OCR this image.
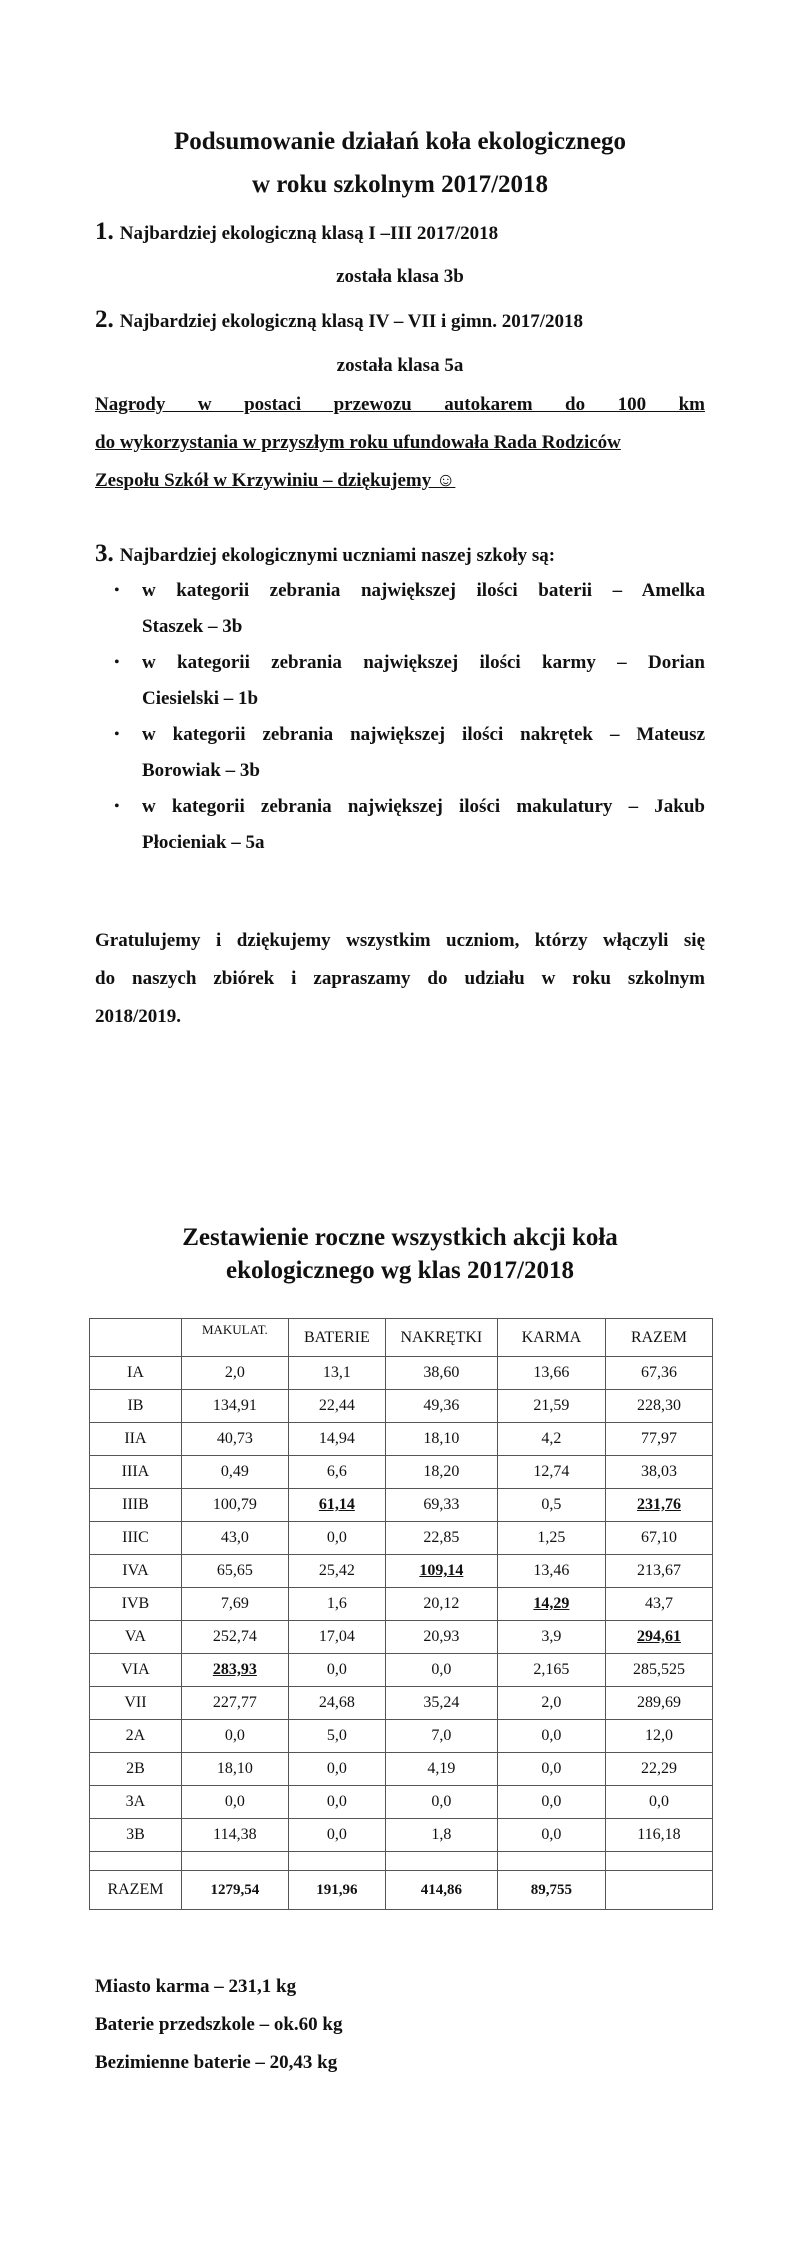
Podsumowanie działań koła ekologicznego
w roku szkolnym 2017/2018
1. Najbardziej ekologiczną klasą I –III 2017/2018
została klasa 3b
2. Najbardziej ekologiczną klasą IV – VII i gimn. 2017/2018
została klasa 5a
Nagrody w postaci przewozu autokarem do 100 km
do wykorzystania w przyszłym roku ufundowała Rada Rodziców
Zespołu Szkół w Krzywiniu – dziękujemy ☺
3. Najbardziej ekologicznymi uczniami naszej szkoły są:
• w kategorii zebrania największej ilości baterii – Amelka
Staszek – 3b
• w kategorii zebrania największej ilości karmy – Dorian
Ciesielski – 1b
• w kategorii zebrania największej ilości nakrętek – Mateusz
Borowiak – 3b
• w kategorii zebrania największej ilości makulatury – Jakub
Płocieniak – 5a
Gratulujemy i dziękujemy wszystkim uczniom, którzy włączyli się
do naszych zbiórek i zapraszamy do udziału w roku szkolnym
2018/2019.
Zestawienie roczne wszystkich akcji koła
ekologicznego wg klas 2017/2018
	MAKULAT.	BATERIE	NAKRĘTKI	KARMA	RAZEM
IA	2,0	13,1	38,60	13,66	67,36
IB	134,91	22,44	49,36	21,59	228,30
IIA	40,73	14,94	18,10	4,2	77,97
IIIA	0,49	6,6	18,20	12,74	38,03
IIIB	100,79	61,14	69,33	0,5	231,76
IIIC	43,0	0,0	22,85	1,25	67,10
IVA	65,65	25,42	109,14	13,46	213,67
IVB	7,69	1,6	20,12	14,29	43,7
VA	252,74	17,04	20,93	3,9	294,61
VIA	283,93	0,0	0,0	2,165	285,525
VII	227,77	24,68	35,24	2,0	289,69
2A	0,0	5,0	7,0	0,0	12,0
2B	18,10	0,0	4,19	0,0	22,29
3A	0,0	0,0	0,0	0,0	0,0
3B	114,38	0,0	1,8	0,0	116,18

RAZEM	1279,54	191,96	414,86	89,755	
Miasto karma – 231,1 kg
Baterie przedszkole – ok.60 kg
Bezimienne baterie – 20,43 kg
